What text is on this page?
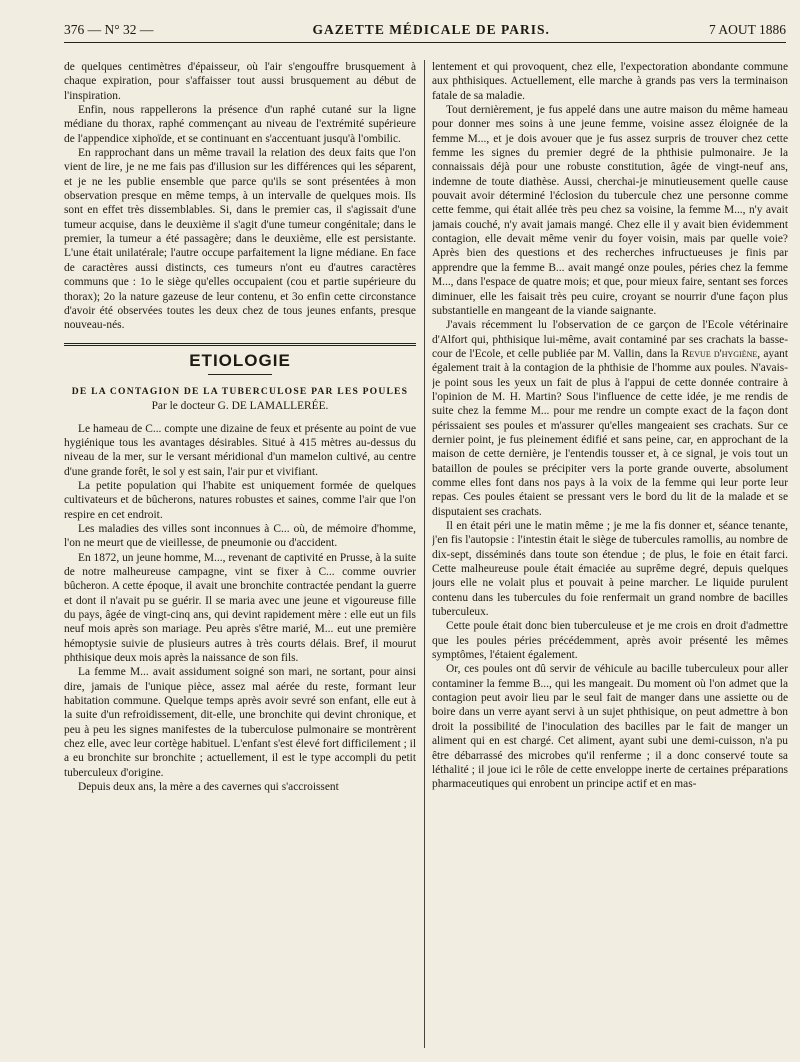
376 — N° 32 —	GAZETTE MÉDICALE DE PARIS.	7 AOUT 1886

de quelques centimètres d'épaisseur, où l'air s'engouffre brusquement à chaque expiration, pour s'affaisser tout aussi brusquement au début de l'inspiration.

Enfin, nous rappellerons la présence d'un raphé cutané sur la ligne médiane du thorax, raphé commençant au niveau de l'extrémité supérieure de l'appendice xiphoïde, et se continuant en s'accentuant jusqu'à l'ombilic.

En rapprochant dans un même travail la relation des deux faits que l'on vient de lire, je ne me fais pas d'illusion sur les différences qui les séparent, et je ne les publie ensemble que parce qu'ils se sont présentées à mon observation presque en même temps, à un intervalle de quelques mois. Ils sont en effet très dissemblables. Si, dans le premier cas, il s'agissait d'une tumeur acquise, dans le deuxième il s'agit d'une tumeur congénitale; dans le premier, la tumeur a été passagère; dans le deuxième, elle est persistante. L'une était unilatérale; l'autre occupe parfaitement la ligne médiane. En face de caractères aussi distincts, ces tumeurs n'ont eu d'autres caractères communs que : 1o le siège qu'elles occupaient (cou et partie supérieure du thorax); 2o la nature gazeuse de leur contenu, et 3o enfin cette circonstance d'avoir été observées toutes les deux chez de tous jeunes enfants, presque nouveau-nés.

ETIOLOGIE
DE LA CONTAGION DE LA TUBERCULOSE PAR LES POULES
Par le docteur G. DE LAMALLERÉE.

Le hameau de C... compte une dizaine de feux et présente au point de vue hygiénique tous les avantages désirables. Situé à 415 mètres au-dessus du niveau de la mer, sur le versant méridional d'un mamelon cultivé, au centre d'une grande forêt, le sol y est sain, l'air pur et vivifiant.

La petite population qui l'habite est uniquement formée de quelques cultivateurs et de bûcherons, natures robustes et saines, comme l'air que l'on respire en cet endroit.

Les maladies des villes sont inconnues à C... où, de mémoire d'homme, l'on ne meurt que de vieillesse, de pneumonie ou d'accident.

En 1872, un jeune homme, M..., revenant de captivité en Prusse, à la suite de notre malheureuse campagne, vint se fixer à C... comme ouvrier bûcheron. A cette époque, il avait une bronchite contractée pendant la guerre et dont il n'avait pu se guérir. Il se maria avec une jeune et vigoureuse fille du pays, âgée de vingt-cinq ans, qui devint rapidement mère : elle eut un fils neuf mois après son mariage. Peu après s'être marié, M... eut une première hémoptysie suivie de plusieurs autres à très courts délais. Bref, il mourut phthisique deux mois après la naissance de son fils.

La femme M... avait assidument soigné son mari, ne sortant, pour ainsi dire, jamais de l'unique pièce, assez mal aérée du reste, formant leur habitation commune. Quelque temps après avoir sevré son enfant, elle eut à la suite d'un refroidissement, dit-elle, une bronchite qui devint chronique, et peu à peu les signes manifestes de la tuberculose pulmonaire se montrèrent chez elle, avec leur cortège habituel. L'enfant s'est élevé fort difficilement ; il a eu bronchite sur bronchite ; actuellement, il est le type accompli du petit tuberculeux d'origine.

Depuis deux ans, la mère a des cavernes qui s'accroissent

lentement et qui provoquent, chez elle, l'expectoration abondante commune aux phthisiques. Actuellement, elle marche à grands pas vers la terminaison fatale de sa maladie.

Tout dernièrement, je fus appelé dans une autre maison du même hameau pour donner mes soins à une jeune femme, voisine assez éloignée de la femme M..., et je dois avouer que je fus assez surpris de trouver chez cette femme les signes du premier degré de la phthisie pulmonaire. Je la connaissais déjà pour une robuste constitution, âgée de vingt-neuf ans, indemne de toute diathèse. Aussi, cherchai-je minutieusement quelle cause pouvait avoir déterminé l'éclosion du tubercule chez une personne comme cette femme, qui était allée très peu chez sa voisine, la femme M..., n'y avait jamais couché, n'y avait jamais mangé. Chez elle il y avait bien évidemment contagion, elle devait même venir du foyer voisin, mais par quelle voie? Après bien des questions et des recherches infructueuses je finis par apprendre que la femme B... avait mangé onze poules, péries chez la femme M..., dans l'espace de quatre mois; et que, pour mieux faire, sentant ses forces diminuer, elle les faisait très peu cuire, croyant se nourrir d'une façon plus substantielle en mangeant de la viande saignante.

J'avais récemment lu l'observation de ce garçon de l'Ecole vétérinaire d'Alfort qui, phthisique lui-même, avait contaminé par ses crachats la basse-cour de l'Ecole, et celle publiée par M. Vallin, dans la Revue d'hygiène, ayant également trait à la contagion de la phthisie de l'homme aux poules. N'avais-je point sous les yeux un fait de plus à l'appui de cette donnée contraire à l'opinion de M. H. Martin? Sous l'influence de cette idée, je me rendis de suite chez la femme M... pour me rendre un compte exact de la façon dont périssaient ses poules et m'assurer qu'elles mangeaient ses crachats. Sur ce dernier point, je fus pleinement édifié et sans peine, car, en approchant de la maison de cette dernière, je l'entendis tousser et, à ce signal, je vois tout un bataillon de poules se précipiter vers la porte grande ouverte, absolument comme elles font dans nos pays à la voix de la femme qui leur porte leur repas. Ces poules étaient se pressant vers le bord du lit de la malade et se disputaient ses crachats.

Il en était péri une le matin même ; je me la fis donner et, séance tenante, j'en fis l'autopsie : l'intestin était le siège de tubercules ramollis, au nombre de dix-sept, disséminés dans toute son étendue ; de plus, le foie en était farci. Cette malheureuse poule était émaciée au suprême degré, depuis quelques jours elle ne volait plus et pouvait à peine marcher. Le liquide purulent contenu dans les tubercules du foie renfermait un grand nombre de bacilles tuberculeux.

Cette poule était donc bien tuberculeuse et je me crois en droit d'admettre que les poules péries précédemment, après avoir présenté les mêmes symptômes, l'étaient également.

Or, ces poules ont dû servir de véhicule au bacille tuberculeux pour aller contaminer la femme B..., qui les mangeait. Du moment où l'on admet que la contagion peut avoir lieu par le seul fait de manger dans une assiette ou de boire dans un verre ayant servi à un sujet phthisique, on peut admettre à bon droit la possibilité de l'inoculation des bacilles par le fait de manger un aliment qui en est chargé. Cet aliment, ayant subi une demi-cuisson, n'a pu être débarrassé des microbes qu'il renferme ; il a donc conservé toute sa léthalité ; il joue ici le rôle de cette enveloppe inerte de certaines préparations pharmaceutiques qui enrobent un principe actif et en mas-
